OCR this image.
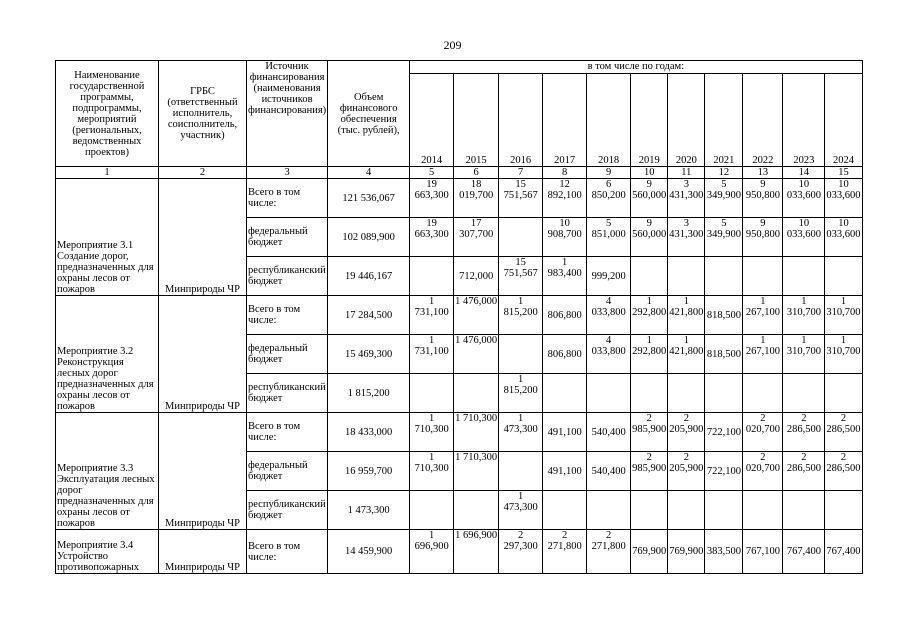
209
Наименование государственной программы, подпрограммы, мероприятий (региональных, ведомственных проектов)	ГРБС (ответственный исполнитель, соисполнитель, участник)	Источник финансирования (наименования источников финансирования)	Объем финансового обеспечения (тыс. рублей),	в том числе по годам:										
				2014	2015	2016	2017	2018	2019	2020	2021	2022	2023	2024
1	2	3	4	5	6	7	8	9	10	11	12	13	14	15
Мероприятие 3.1 Создание дорог, предназначенных для охраны лесов от пожаров	Минприроды ЧР	Всего в том числе:	121 536,067	19 663,300	18 019,700	15 751,567	12 892,100	6 850,200	9 560,000	3 431,300	5 349,900	9 950,800	10 033,600	10 033,600
		федеральный бюджет	102 089,900	19 663,300	17 307,700		10 908,700	5 851,000	9 560,000	3 431,300	5 349,900	9 950,800	10 033,600	10 033,600
		республиканский бюджет	19 446,167		712,000	15 751,567	1 983,400	999,200						
Мероприятие 3.2 Реконструкция лесных дорог предназначенных для охраны лесов от пожаров	Минприроды ЧР	Всего в том числе:	17 284,500	1 731,100	1 476,000	1 815,200	806,800	4 033,800	1 292,800	1 421,800	818,500	1 267,100	1 310,700	1 310,700
		федеральный бюджет	15 469,300	1 731,100	1 476,000		806,800	4 033,800	1 292,800	1 421,800	818,500	1 267,100	1 310,700	1 310,700
		республиканский бюджет	1 815,200			1 815,200								
Мероприятие 3.3 Эксплуатация лесных дорог предназначенных для охраны лесов от пожаров	Минприроды ЧР	Всего в том числе:	18 433,000	1 710,300	1 710,300	1 473,300	491,100	540,400	2 985,900	2 205,900	722,100	2 020,700	2 286,500	2 286,500
		федеральный бюджет	16 959,700	1 710,300	1 710,300		491,100	540,400	2 985,900	2 205,900	722,100	2 020,700	2 286,500	2 286,500
		республиканский бюджет	1 473,300			1 473,300								
Мероприятие 3.4 Устройство противопожарных	Минприроды ЧР	Всего в том числе:	14 459,900	1 696,900	1 696,900	2 297,300	2 271,800	2 271,800	769,900	769,900	383,500	767,100	767,400	767,400
